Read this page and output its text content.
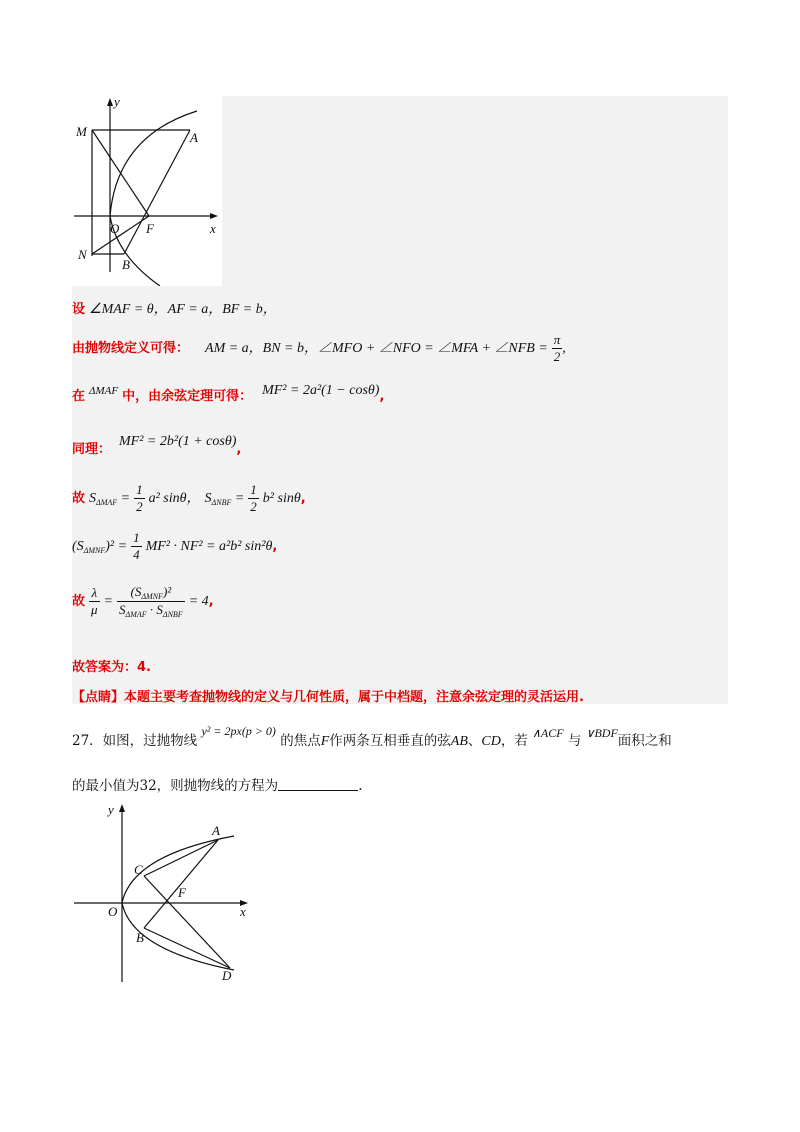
y
M	A
O F	x
N
B
设 ∠MAF = θ，AF = a，BF = b，
由抛物线定义可得： AM = a，BN = b，∠MFO + ∠NFO = ∠MFA + ∠NFB = $\frac{\pi}{2}$ ,
在 $^{\Delta MAF}$ 中，由余弦定理可得： MF² = 2a²(1 − cosθ),
$_{同理:}$ $MF^2 = 2b^2(1 + \cos\theta)_,$
故 $S_{\Delta MAF} = \frac{1}{2} a^2$ sinθ， $S_{\Delta NBF} = \frac{1}{2} b^2$ sinθ,
$(S_{\Delta MNF})^2 = \frac{1}{4} MF^2 \cdot NF^2 = a^2b^2$ sin²θ,
故 $\frac{\lambda}{\mu} = \frac{(S_{\Delta MNF})^2}{S_{\Delta MAF} \cdot S_{\Delta NBF}} = 4$,
故答案为：4.
【点睛】本题主要考查抛物线的定义与几何性质，属于中档题，注意余弦定理的灵活运用.
27．如图，过抛物线 y² = 2px(p > 0) 的焦点F作两条互相垂直的弦AB、CD，若 ∧ACF 与 ∨BDF面积之和
的最小值为32，则抛物线的方程为	.
y
A
C
F
O	x
B
D
